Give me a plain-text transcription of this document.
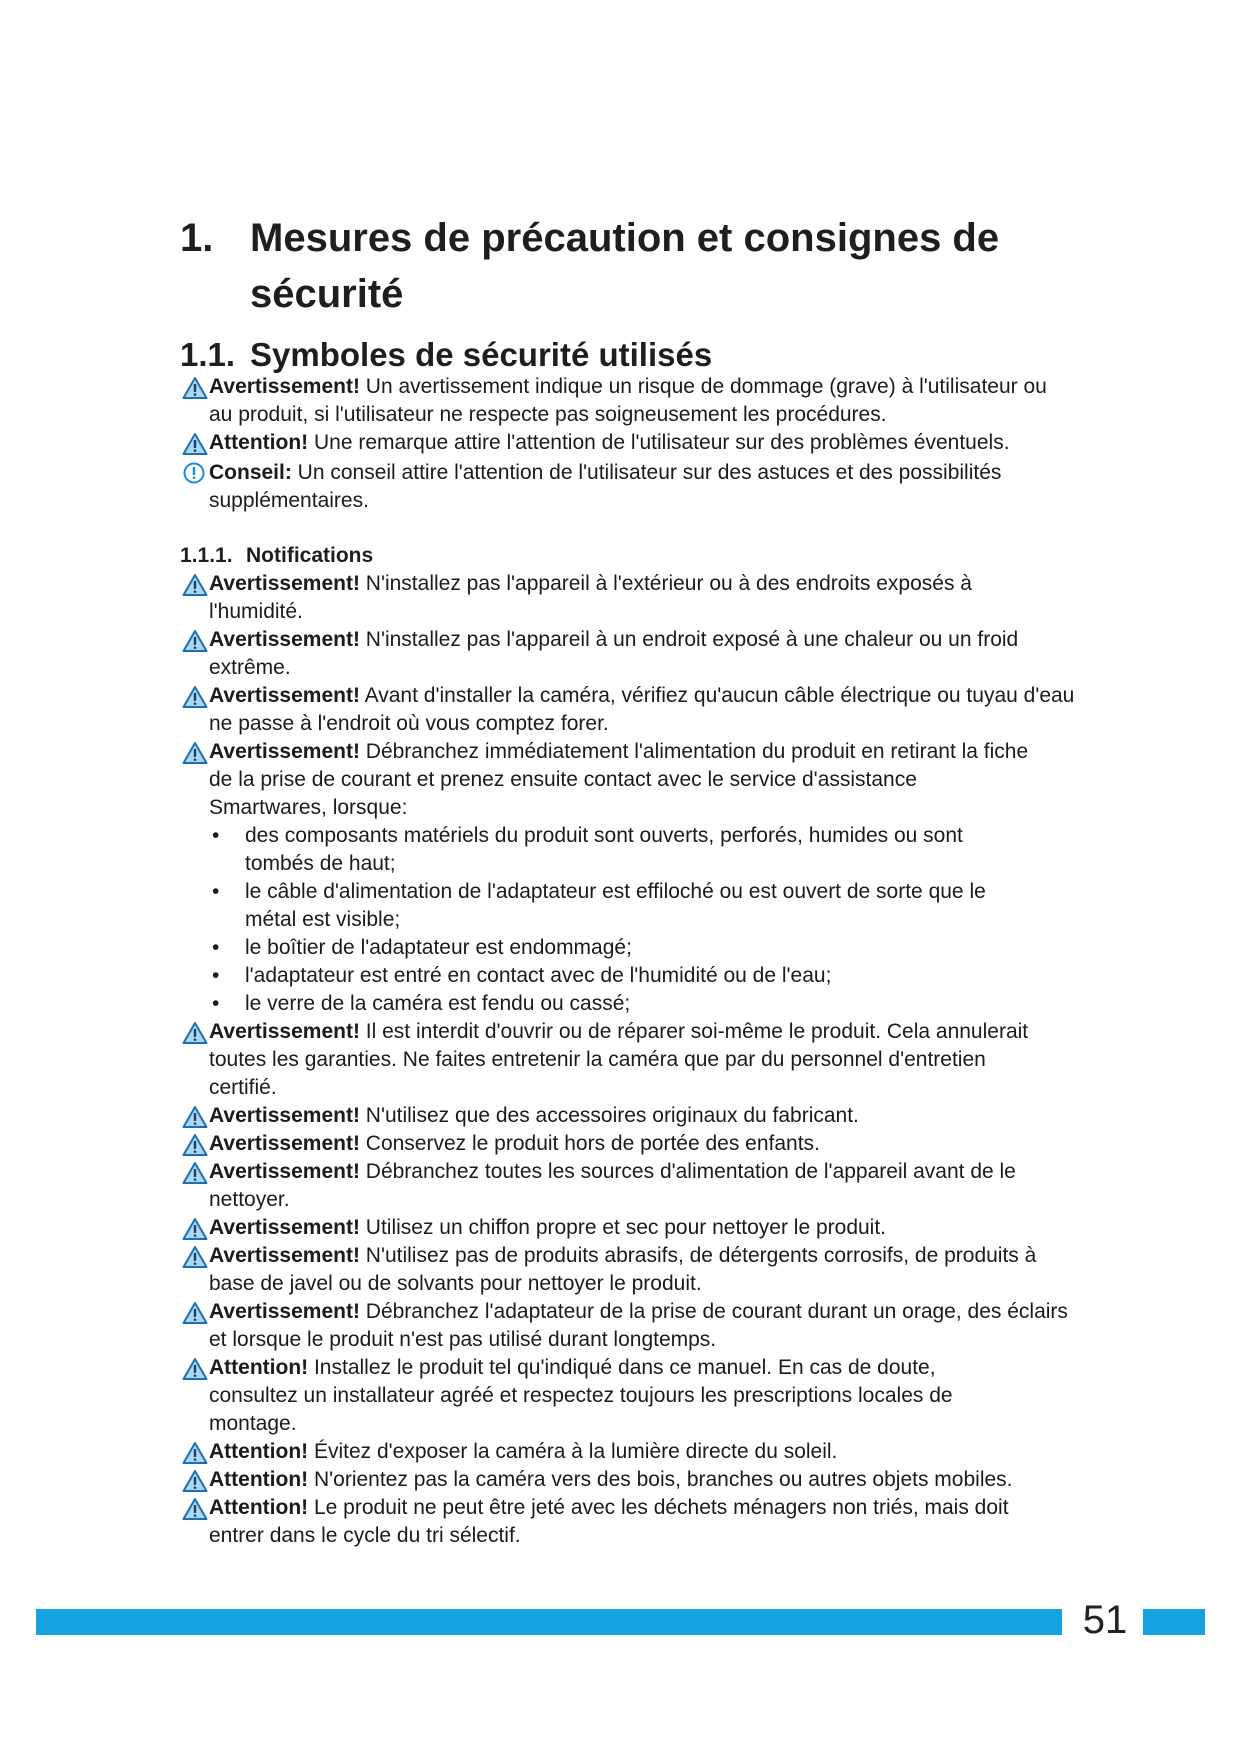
1. Mesures de précaution et consignes de
sécurité
1.1. Symboles de sécurité utilisés
Avertissement! Un avertissement indique un risque de dommage (grave) à l'utilisateur ou au produit, si l'utilisateur ne respecte pas soigneusement les procédures.
Attention! Une remarque attire l'attention de l'utilisateur sur des problèmes éventuels.
Conseil: Un conseil attire l'attention de l'utilisateur sur des astuces et des possibilités supplémentaires.
1.1.1. Notifications
Avertissement! N'installez pas l'appareil à l'extérieur ou à des endroits exposés à l'humidité.
Avertissement! N'installez pas l'appareil à un endroit exposé à une chaleur ou un froid extrême.
Avertissement! Avant d'installer la caméra, vérifiez qu'aucun câble électrique ou tuyau d'eau ne passe à l'endroit où vous comptez forer.
Avertissement! Débranchez immédiatement l'alimentation du produit en retirant la fiche de la prise de courant et prenez ensuite contact avec le service d'assistance Smartwares, lorsque:
• des composants matériels du produit sont ouverts, perforés, humides ou sont tombés de haut;
• le câble d'alimentation de l'adaptateur est effiloché ou est ouvert de sorte que le métal est visible;
• le boîtier de l'adaptateur est endommagé;
• l'adaptateur est entré en contact avec de l'humidité ou de l'eau;
• le verre de la caméra est fendu ou cassé;
Avertissement! Il est interdit d'ouvrir ou de réparer soi-même le produit. Cela annulerait toutes les garanties. Ne faites entretenir la caméra que par du personnel d'entretien certifié.
Avertissement! N'utilisez que des accessoires originaux du fabricant.
Avertissement! Conservez le produit hors de portée des enfants.
Avertissement! Débranchez toutes les sources d'alimentation de l'appareil avant de le nettoyer.
Avertissement! Utilisez un chiffon propre et sec pour nettoyer le produit.
Avertissement! N'utilisez pas de produits abrasifs, de détergents corrosifs, de produits à base de javel ou de solvants pour nettoyer le produit.
Avertissement! Débranchez l'adaptateur de la prise de courant durant un orage, des éclairs et lorsque le produit n'est pas utilisé durant longtemps.
Attention! Installez le produit tel qu'indiqué dans ce manuel. En cas de doute, consultez un installateur agréé et respectez toujours les prescriptions locales de montage.
Attention! Évitez d'exposer la caméra à la lumière directe du soleil.
Attention! N'orientez pas la caméra vers des bois, branches ou autres objets mobiles.
Attention! Le produit ne peut être jeté avec les déchets ménagers non triés, mais doit entrer dans le cycle du tri sélectif.
51
